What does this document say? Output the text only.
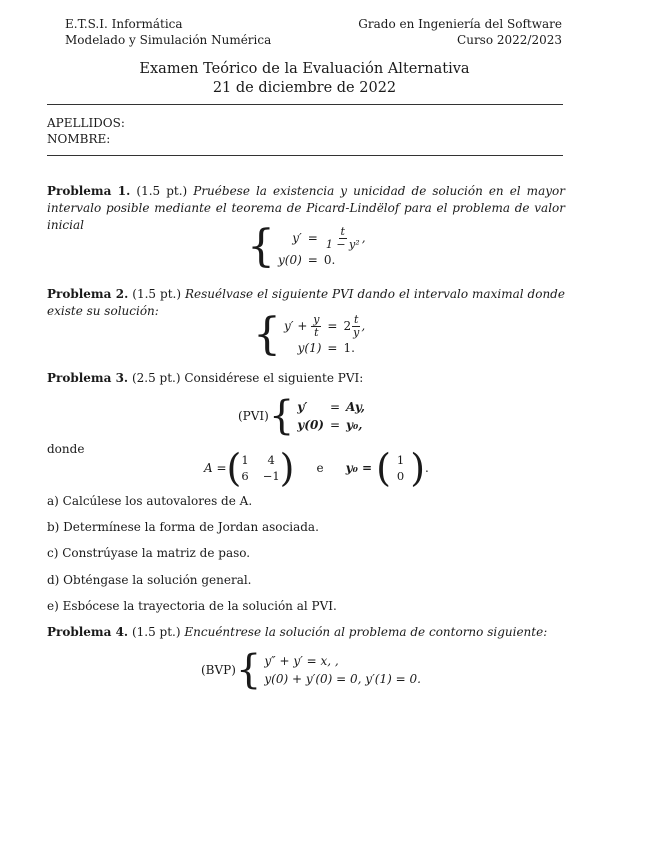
E.T.S.I. Informática
Modelado y Simulación Numérica
Grado en Ingeniería del Software
Curso 2022/2023
Examen Teórico de la Evaluación Alternativa
21 de diciembre de 2022
APELLIDOS:
NOMBRE:
Problema 1. (1.5 pt.) Pruébese la existencia y unicidad de solución en el mayor intervalo posible mediante el teorema de Picard-Lindëlof para el problema de valor inicial	{ y′	=	$\frac{t}{\text{1 − y²}}$ ,
y(0)	=	0.
Problema 2. (1.5 pt.) Resuélvase el siguiente PVI dando el intervalo maximal donde existe su solución:	{ $y' + \frac{y}{t}$	=	$2 \frac{t}{y}$ ,
y(1)	=	1.
Problema 3. (2.5 pt.) Considérese el siguiente PVI:
(PVI) { y′	=	Ay,
y(0)	=	y₀,
donde
A = ( 1	4
6 −1 ) e y₀ = ( 1
0 ) .
a) Calcúlese los autovalores de A.
b) Determínese la forma de Jordan asociada.
c) Constrúyase la matriz de paso.
d) Obténgase la solución general.
e) Esbócese la trayectoria de la solución al PVI.
Problema 4. (1.5 pt.) Encuéntrese la solución al problema de contorno siguiente:
(BVP) { y″ + y′ = x, ,
y(0) + y′(0) = 0, y′(1) = 0.
